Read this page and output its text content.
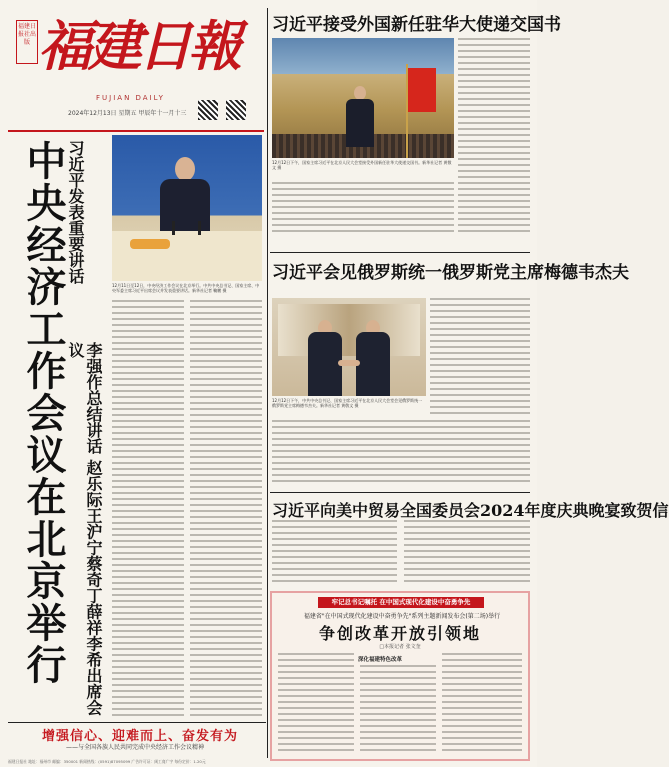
福建日报社出版 福建日報
FUJIAN DAILY
2024年12月13日 星期五 甲辰年十一月十三
中央经济工作会议在北京举行 习近平发表重要讲话
李强作总结讲话 赵乐际王沪宁蔡奇丁薛祥李希出席会议
12月11日至12日，中央经济工作会议在北京举行。中共中央总书记、国家主席、中央军委主席习近平出席会议并发表重要讲话。新华社记者 鞠鹏 摄
增强信心、迎难而上、奋发有为
——与全国各族人民共同完成中央经济工作会议精神
习近平接受外国新任驻华大使递交国书
12月12日下午，国家主席习近平在北京人民大会堂接受外国新任驻华大使递交国书。新华社记者 黄敬文 摄
习近平会见俄罗斯统一俄罗斯党主席梅德韦杰夫
12月12日下午，中共中央总书记、国家主席习近平在北京人民大会堂会见俄罗斯统一俄罗斯党主席梅德韦杰夫。新华社记者 黄敬文 摄
习近平向美中贸易全国委员会2024年度庆典晚宴致贺信
牢记总书记嘱托 在中国式现代化建设中奋勇争先
福建省"在中国式现代化建设中奋勇争先"系列主题新闻发布会(第二场)举行
争创改革开放引领地
□本报记者 张文奎
深化福建特色改革
福建日报社 地址：福州市 邮编：350001 新闻热线：(0591)87095099 广告许可证：闽工商广字 每份定价：1.20元
